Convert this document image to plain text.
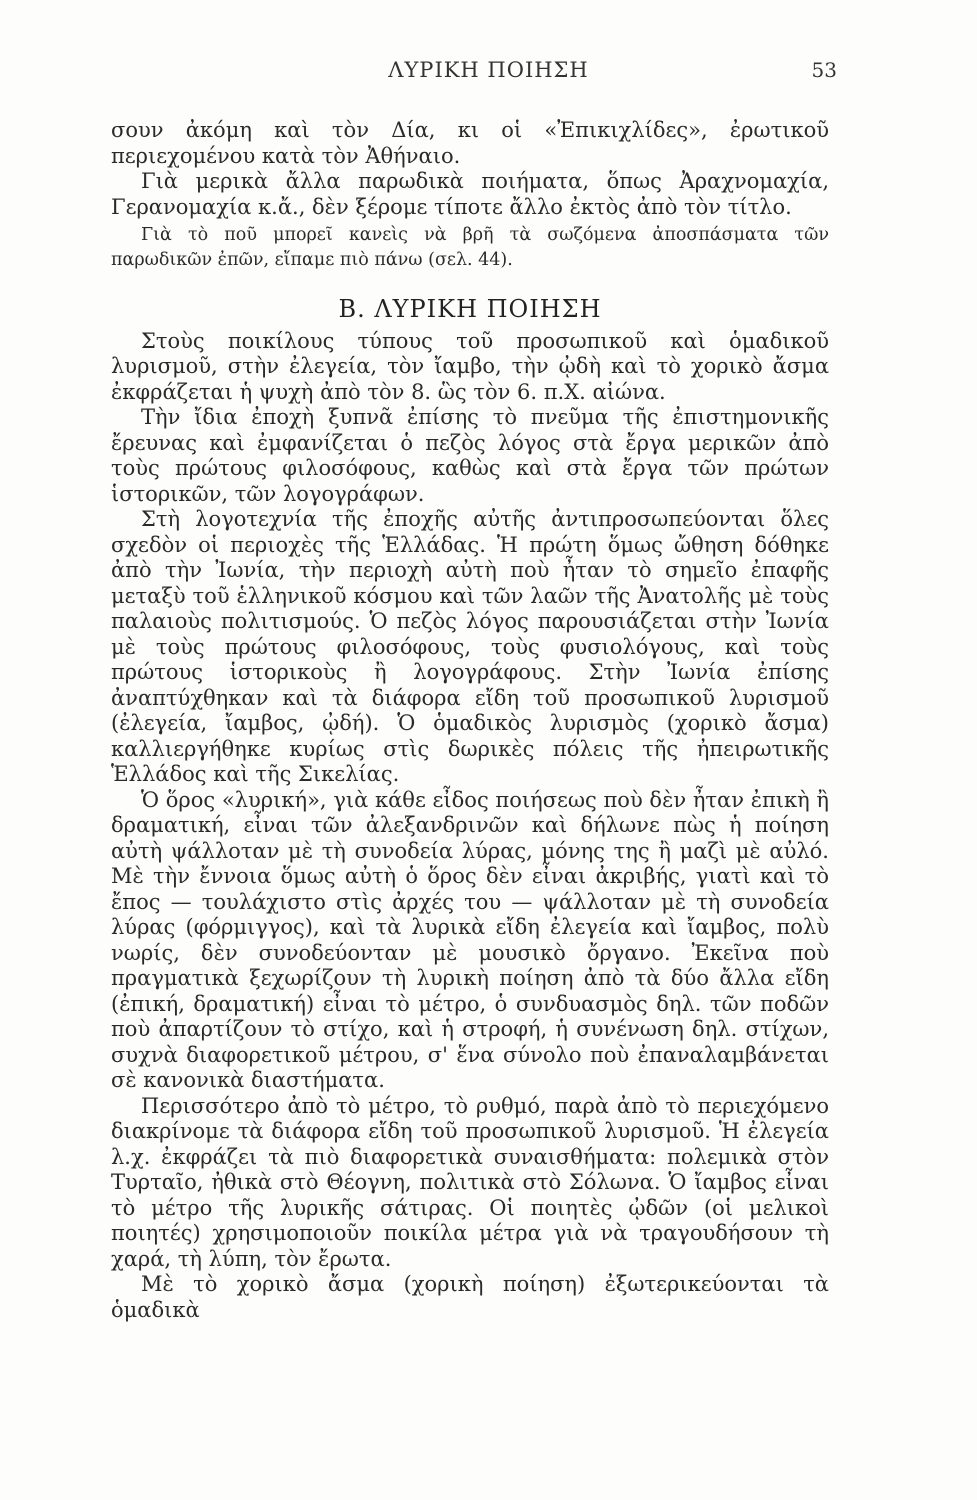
ΛΥΡΙΚΗ ΠΟΙΗΣΗ	53

σουν ἀκόμη καὶ τὸν Δία, κι οἱ «Ἐπικιχλίδες», ἐρωτικοῦ περιεχομένου κατὰ τὸν Ἀθήναιο.

Γιὰ μερικὰ ἄλλα παρωδικὰ ποιήματα, ὅπως Ἀραχνομαχία, Γερανομαχία κ.ἄ., δὲν ξέρομε τίποτε ἄλλο ἐκτὸς ἀπὸ τὸν τίτλο.

Γιὰ τὸ ποῦ μπορεῖ κανεὶς νὰ βρῆ τὰ σωζόμενα ἀποσπάσματα τῶν παρωδικῶν ἐπῶν, εἴπαμε πιὸ πάνω (σελ. 44).

Β. ΛΥΡΙΚΗ ΠΟΙΗΣΗ

Στοὺς ποικίλους τύπους τοῦ προσωπικοῦ καὶ ὁμαδικοῦ λυρισμοῦ, στὴν ἐλεγεία, τὸν ἴαμβο, τὴν ᾠδὴ καὶ τὸ χορικὸ ἄσμα ἐκφράζεται ἡ ψυχὴ ἀπὸ τὸν 8. ὣς τὸν 6. π.Χ. αἰώνα.

Τὴν ἴδια ἐποχὴ ξυπνᾶ ἐπίσης τὸ πνεῦμα τῆς ἐπιστημονικῆς ἔρευνας καὶ ἐμφανίζεται ὁ πεζὸς λόγος στὰ ἔργα μερικῶν ἀπὸ τοὺς πρώτους φιλοσόφους, καθὼς καὶ στὰ ἔργα τῶν πρώτων ἱστορικῶν, τῶν λογογράφων.

Στὴ λογοτεχνία τῆς ἐποχῆς αὐτῆς ἀντιπροσωπεύονται ὅλες σχεδὸν οἱ περιοχὲς τῆς Ἑλλάδας. Ἡ πρώτη ὅμως ὤθηση δόθηκε ἀπὸ τὴν Ἰωνία, τὴν περιοχὴ αὐτὴ ποὺ ἦταν τὸ σημεῖο ἐπαφῆς μεταξὺ τοῦ ἑλληνικοῦ κόσμου καὶ τῶν λαῶν τῆς Ἀνατολῆς μὲ τοὺς παλαιοὺς πολιτισμούς. Ὁ πεζὸς λόγος παρουσιάζεται στὴν Ἰωνία μὲ τοὺς πρώτους φιλοσόφους, τοὺς φυσιολόγους, καὶ τοὺς πρώτους ἱστορικοὺς ἢ λογογράφους. Στὴν Ἰωνία ἐπίσης ἀναπτύχθηκαν καὶ τὰ διάφορα εἴδη τοῦ προσωπικοῦ λυρισμοῦ (ἐλεγεία, ἴαμβος, ᾠδή). Ὁ ὁμαδικὸς λυρισμὸς (χορικὸ ἄσμα) καλλιεργήθηκε κυρίως στὶς δωρικὲς πόλεις τῆς ἠπειρωτικῆς Ἑλλάδος καὶ τῆς Σικελίας.

Ὁ ὅρος «λυρική», γιὰ κάθε εἶδος ποιήσεως ποὺ δὲν ἦταν ἐπικὴ ἢ δραματική, εἶναι τῶν ἀλεξανδρινῶν καὶ δήλωνε πὼς ἡ ποίηση αὐτὴ ψάλλοταν μὲ τὴ συνοδεία λύρας, μόνης της ἢ μαζὶ μὲ αὐλό. Μὲ τὴν ἔννοια ὅμως αὐτὴ ὁ ὅρος δὲν εἶναι ἀκριβής, γιατὶ καὶ τὸ ἔπος — τουλάχιστο στὶς ἀρχές του — ψάλλοταν μὲ τὴ συνοδεία λύρας (φόρμιγγος), καὶ τὰ λυρικὰ εἴδη ἐλεγεία καὶ ἴαμβος, πολὺ νωρίς, δὲν συνοδεύονταν μὲ μουσικὸ ὄργανο. Ἐκεῖνα ποὺ πραγματικὰ ξεχωρίζουν τὴ λυρικὴ ποίηση ἀπὸ τὰ δύο ἄλλα εἴδη (ἐπική, δραματική) εἶναι τὸ μέτρο, ὁ συνδυασμὸς δηλ. τῶν ποδῶν ποὺ ἀπαρτίζουν τὸ στίχο, καὶ ἡ στροφή, ἡ συνένωση δηλ. στίχων, συχνὰ διαφορετικοῦ μέτρου, σ' ἕνα σύνολο ποὺ ἐπαναλαμβάνεται σὲ κανονικὰ διαστήματα.

Περισσότερο ἀπὸ τὸ μέτρο, τὸ ρυθμό, παρὰ ἀπὸ τὸ περιεχόμενο διακρίνομε τὰ διάφορα εἴδη τοῦ προσωπικοῦ λυρισμοῦ. Ἡ ἐλεγεία λ.χ. ἐκφράζει τὰ πιὸ διαφορετικὰ συναισθήματα: πολεμικὰ στὸν Τυρταῖο, ἠθικὰ στὸ Θέογνη, πολιτικὰ στὸ Σόλωνα. Ὁ ἴαμβος εἶναι τὸ μέτρο τῆς λυρικῆς σάτιρας. Οἱ ποιητὲς ᾠδῶν (οἱ μελικοὶ ποιητές) χρησιμοποιοῦν ποικίλα μέτρα γιὰ νὰ τραγουδήσουν τὴ χαρά, τὴ λύπη, τὸν ἔρωτα.

Μὲ τὸ χορικὸ ἄσμα (χορικὴ ποίηση) ἐξωτερικεύονται τὰ ὁμαδικὰ
